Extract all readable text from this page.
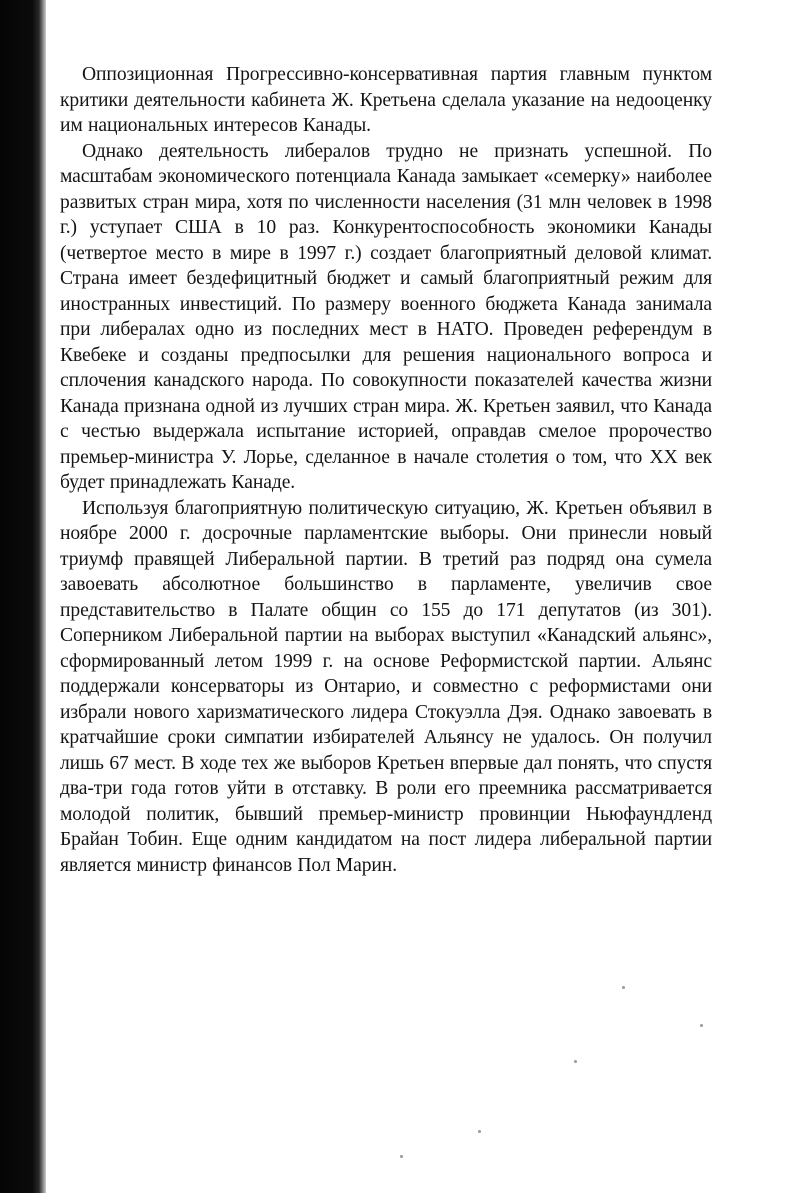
Оппозиционная Прогрессивно-консервативная партия главным пунктом критики деятельности кабинета Ж. Кретьена сделала указание на недооценку им национальных интересов Канады.

Однако деятельность либералов трудно не признать успешной. По масштабам экономического потенциала Канада замыкает «семерку» наиболее развитых стран мира, хотя по численности населения (31 млн человек в 1998 г.) уступает США в 10 раз. Конкурентоспособность экономики Канады (четвертое место в мире в 1997 г.) создает благоприятный деловой климат. Страна имеет бездефицитный бюджет и самый благоприятный режим для иностранных инвестиций. По размеру военного бюджета Канада занимала при либералах одно из последних мест в НАТО. Проведен референдум в Квебеке и созданы предпосылки для решения национального вопроса и сплочения канадского народа. По совокупности показателей качества жизни Канада признана одной из лучших стран мира. Ж. Кретьен заявил, что Канада с честью выдержала испытание историей, оправдав смелое пророчество премьер-министра У. Лорье, сделанное в начале столетия о том, что XX век будет принадлежать Канаде.

Используя благоприятную политическую ситуацию, Ж. Кретьен объявил в ноябре 2000 г. досрочные парламентские выборы. Они принесли новый триумф правящей Либеральной партии. В третий раз подряд она сумела завоевать абсолютное большинство в парламенте, увеличив свое представительство в Палате общин со 155 до 171 депутатов (из 301). Соперником Либеральной партии на выборах выступил «Канадский альянс», сформированный летом 1999 г. на основе Реформистской партии. Альянс поддержали консерваторы из Онтарио, и совместно с реформистами они избрали нового харизматического лидера Стокуэлла Дэя. Однако завоевать в кратчайшие сроки симпатии избирателей Альянсу не удалось. Он получил лишь 67 мест. В ходе тех же выборов Кретьен впервые дал понять, что спустя два-три года готов уйти в отставку. В роли его преемника рассматривается молодой политик, бывший премьер-министр провинции Ньюфаундленд Брайан Тобин. Еще одним кандидатом на пост лидера либеральной партии является министр финансов Пол Марин.
